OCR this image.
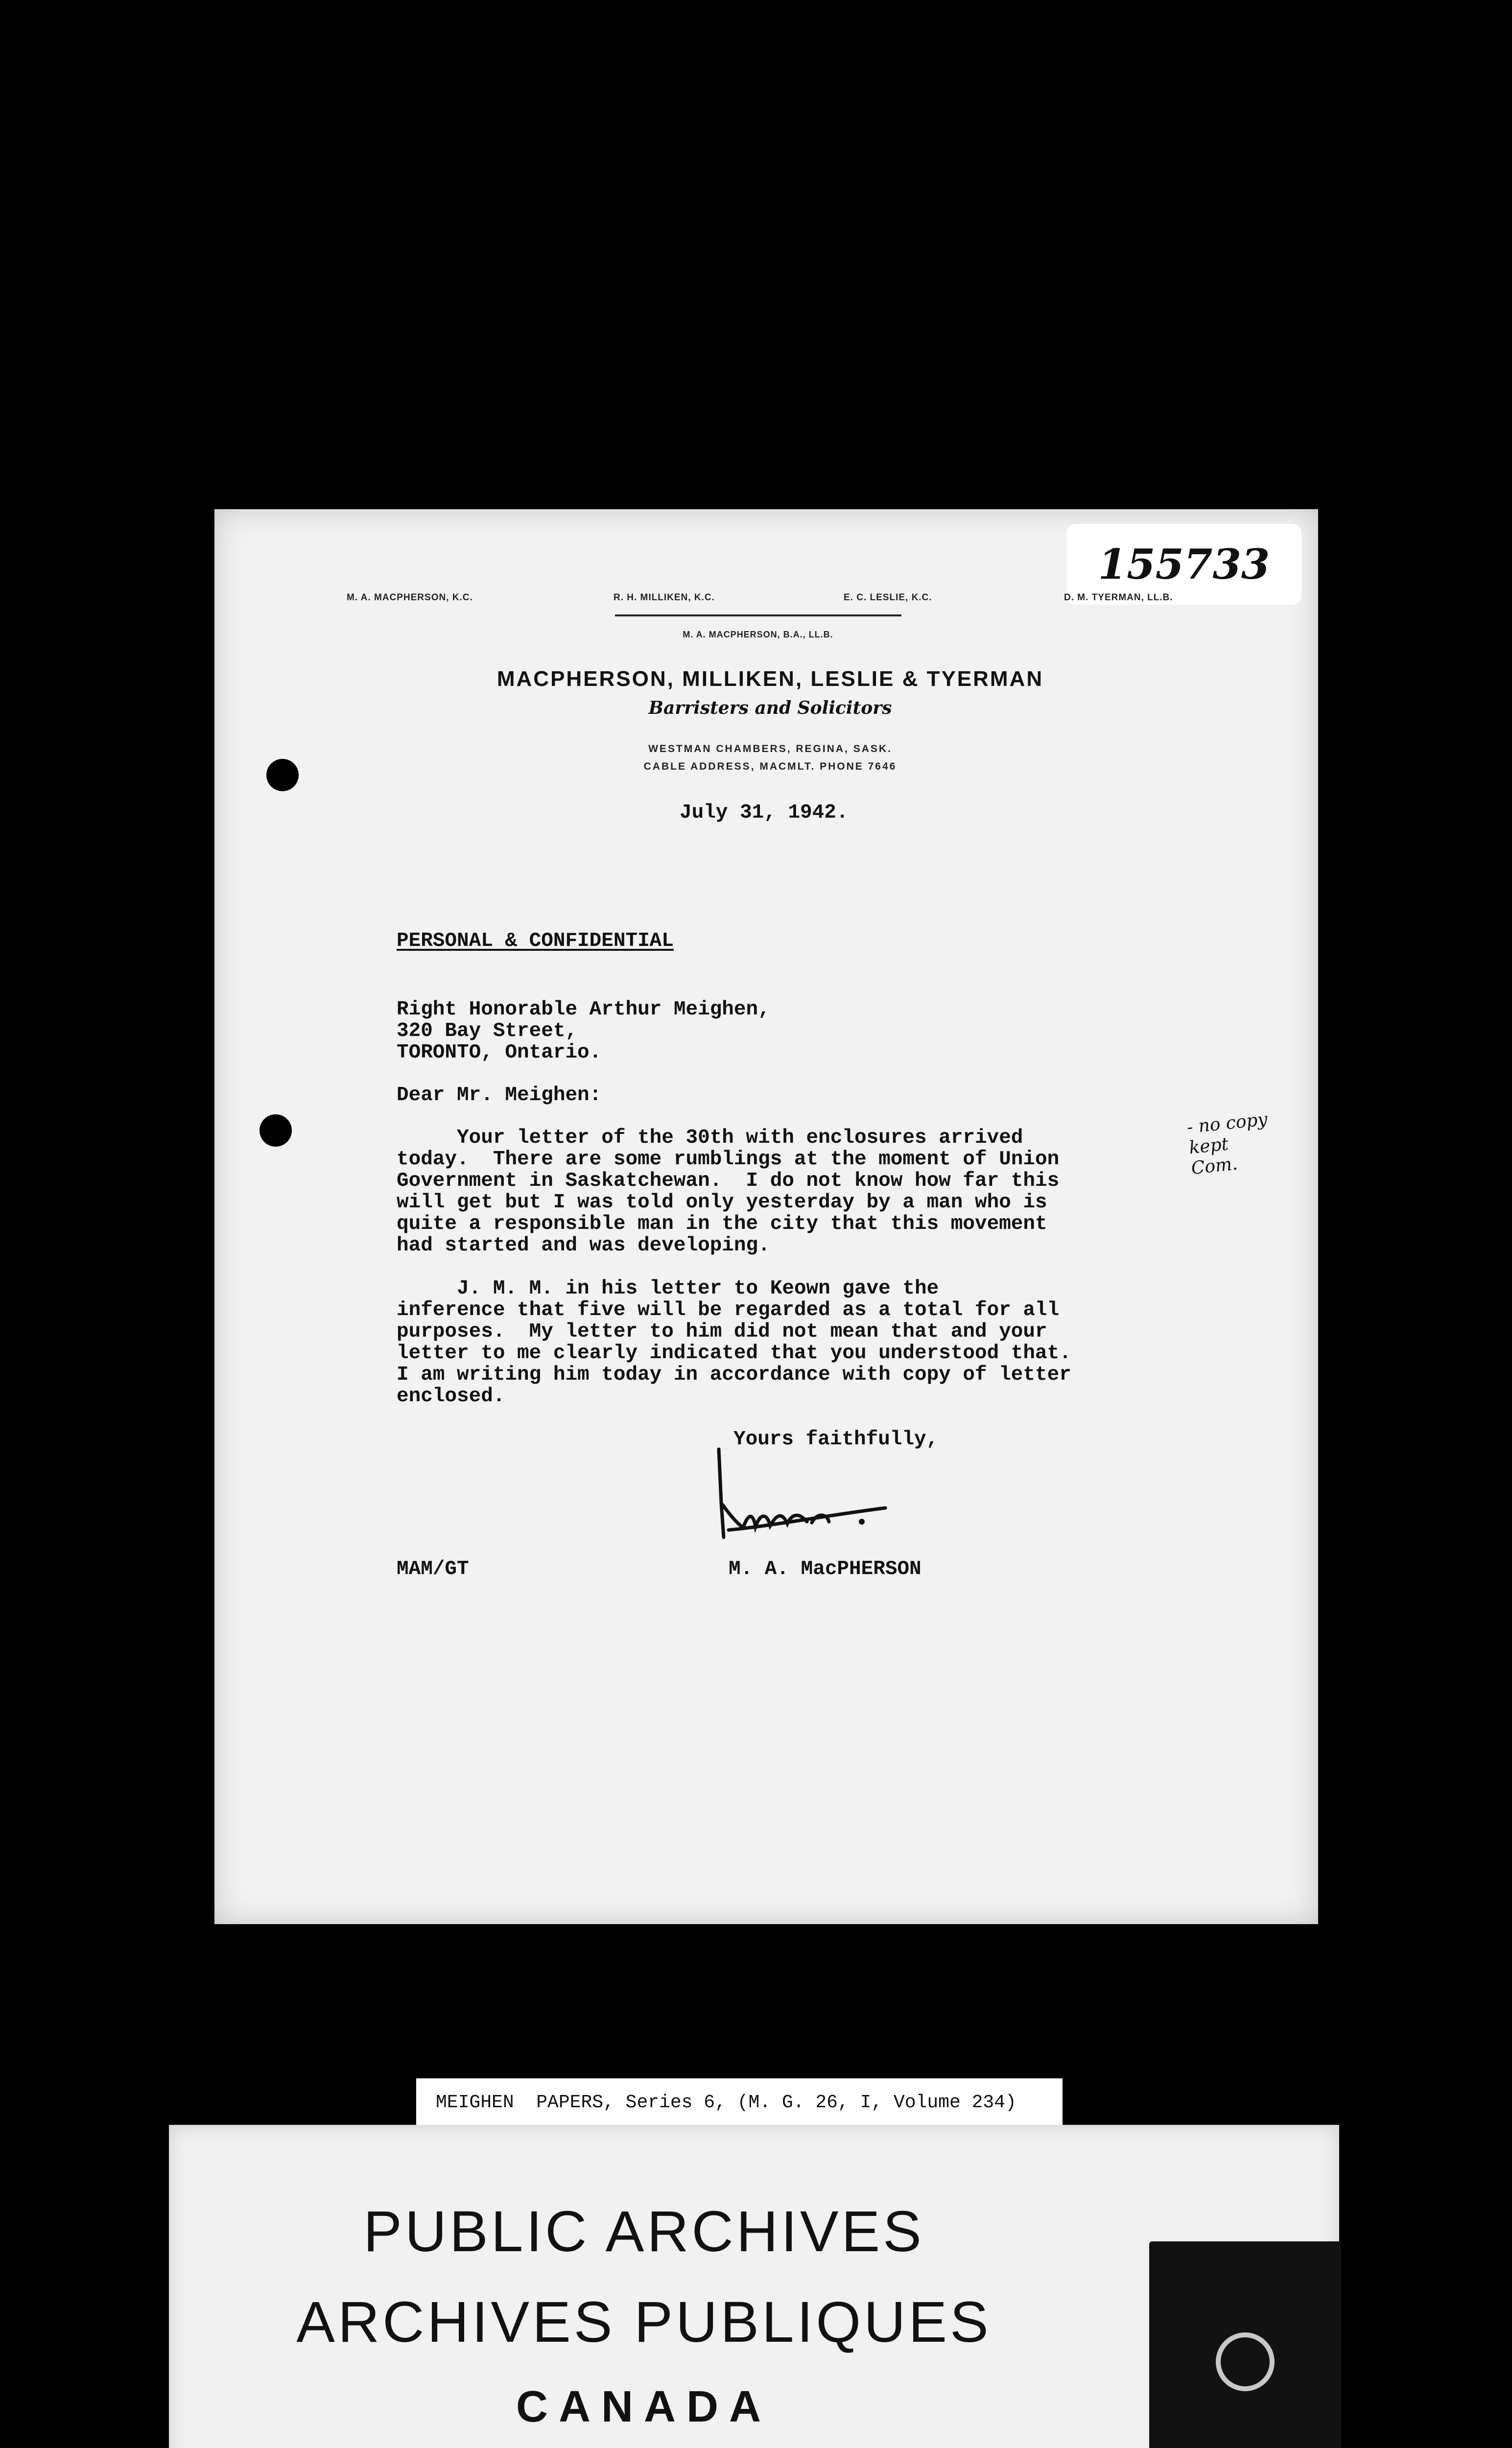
155733
M. A. MACPHERSON, K.C.	R. H. MILLIKEN, K.C.	E. C. LESLIE, K.C.	D. M. TYERMAN, LL.B.
M. A. MACPHERSON, B.A., LL.B.
MACPHERSON, MILLIKEN, LESLIE & TYERMAN
Barristers and Solicitors
WESTMAN CHAMBERS, REGINA, SASK.
CABLE ADDRESS, MACMLT. PHONE 7646
July 31, 1942.
PERSONAL & CONFIDENTIAL
Right Honorable Arthur Meighen,
320 Bay Street,
TORONTO, Ontario.
Dear Mr. Meighen:
Your letter of the 30th with enclosures arrived
today.  There are some rumblings at the moment of Union
Government in Saskatchewan.  I do not know how far this
will get but I was told only yesterday by a man who is
quite a responsible man in the city that this movement
had started and was developing.
J. M. M. in his letter to Keown gave the
inference that five will be regarded as a total for all
purposes.  My letter to him did not mean that and your
letter to me clearly indicated that you understood that.
I am writing him today in accordance with copy of letter
enclosed.
Yours faithfully,
MAM/GT	M. A. MacPHERSON
- no copy
kept
Com.
MEIGHEN  PAPERS, Series 6, (M. G. 26, I, Volume 234)
PUBLIC ARCHIVES
ARCHIVES PUBLIQUES
CANADA
